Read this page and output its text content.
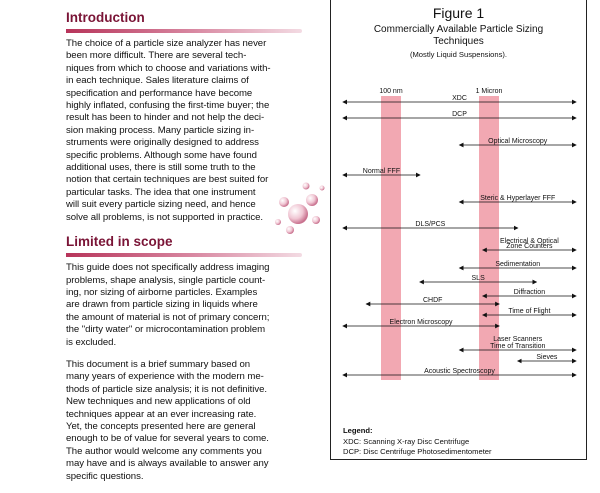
Introduction

The choice of a particle size analyzer has never
been more difficult. There are several tech-
niques from which to choose and variations with-
in each technique. Sales literature claims of
specification and performance have become
highly inflated, confusing the first-time buyer; the
result has been to hinder and not help the deci-
sion making process. Many particle sizing in-
struments were originally designed to address
specific problems. Although some have found
additional uses, there is still some truth to the
notion that certain techniques are best suited for
particular tasks. The idea that one instrument
will suit every particle sizing need, and hence
solve all problems, is not supported in practice.

Limited in scope

This guide does not specifically address imaging
problems, shape analysis, single particle count-
ing, nor sizing of airborne particles. Examples
are drawn from particle sizing in liquids where
the amount of material is not of primary concern;
the "dirty water" or microcontamination problem
is excluded.

This document is a brief summary based on
many years of experience with the modern me-
thods of particle size analysis; it is not definitive.
New techniques and new applications of old
techniques appear at an ever increasing rate.
Yet, the concepts presented here are general
enough to be of value for several years to come.
The author would welcome any comments you
may have and is always available to answer any
specific questions.

Figure 1
Commercially Available Particle Sizing
Techniques
(Mostly Liquid Suspensions).
100 nm	1 Micron
XDC
DCP
Optical Microscopy
Normal FFF
Steric & Hyperlayer FFF
DLS/PCS
Electrical & Optical
Zone Counters
Sedimentation
SLS
Diffraction
CHDF
Time of Flight
Electron Microscopy
Laser Scanners
Time of Transition
Sieves
Acoustic Spectroscopy
Legend:
XDC: Scanning X-ray Disc Centrifuge
DCP: Disc Centrifuge Photosedimentometer
